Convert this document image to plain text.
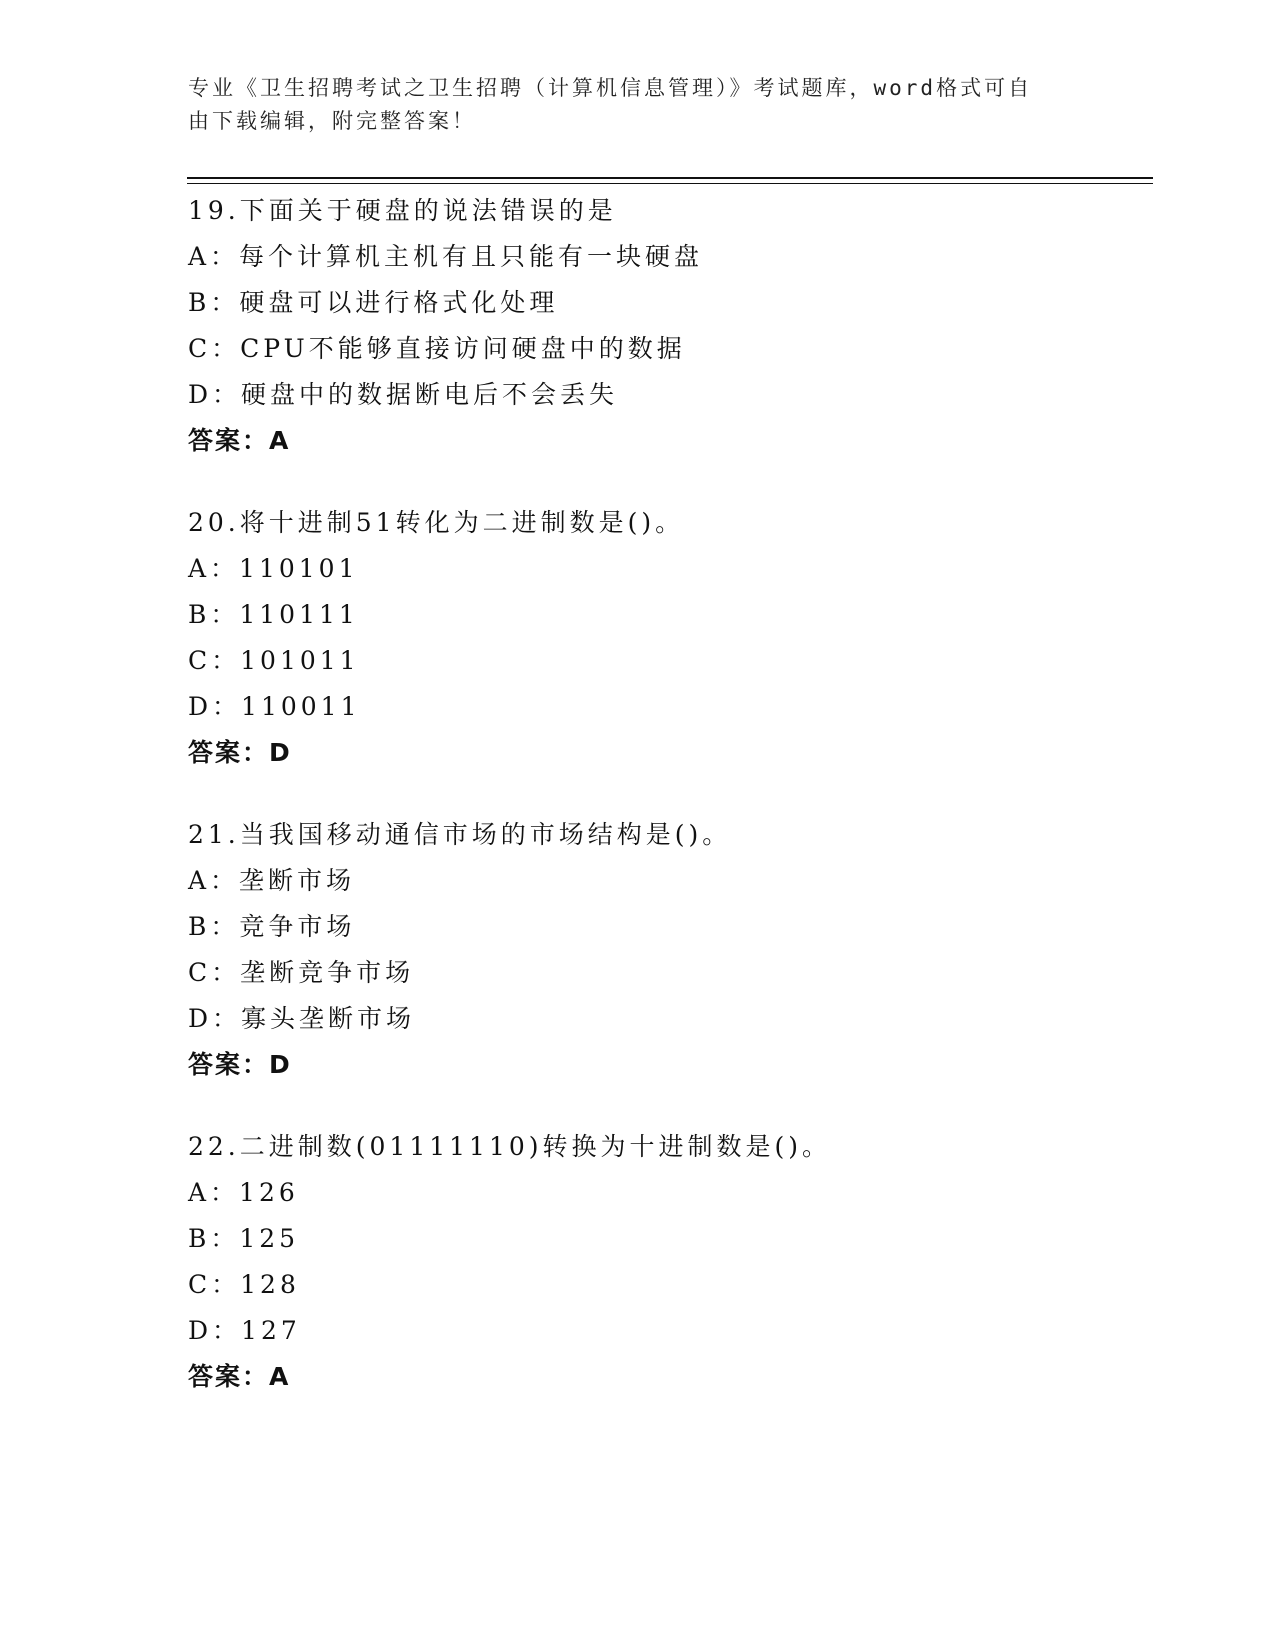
专业《卫生招聘考试之卫生招聘（计算机信息管理）》考试题库，word格式可自
由下载编辑，附完整答案！
19.下面关于硬盘的说法错误的是
A：每个计算机主机有且只能有一块硬盘
B：硬盘可以进行格式化处理
C：CPU不能够直接访问硬盘中的数据
D：硬盘中的数据断电后不会丢失
答案：A
20.将十进制51转化为二进制数是()。
A：110101
B：110111
C：101011
D：110011
答案：D
21.当我国移动通信市场的市场结构是()。
A：垄断市场
B：竞争市场
C：垄断竞争市场
D：寡头垄断市场
答案：D
22.二进制数(01111110)转换为十进制数是()。
A：126
B：125
C：128
D：127
答案：A
